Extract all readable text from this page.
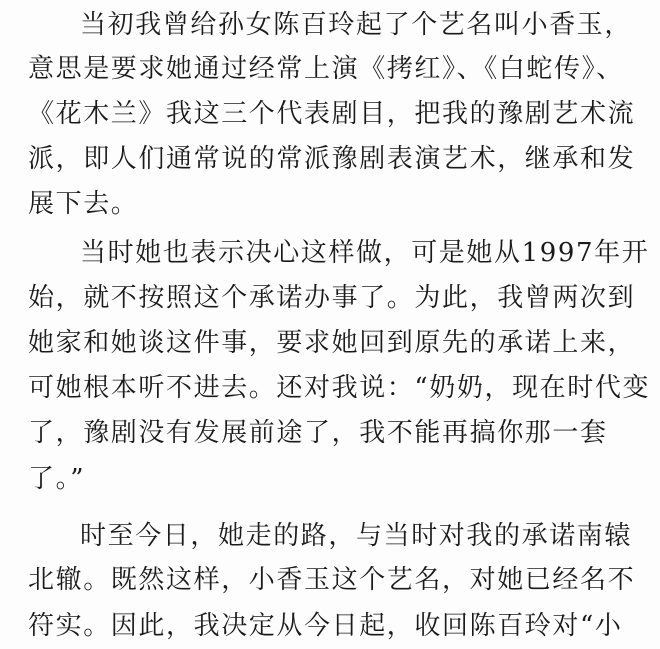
当初我曾给孙女陈百玲起了个艺名叫小香玉，
意思是要求她通过经常上演《拷红》、《白蛇传》、
《花木兰》我这三个代表剧目，把我的豫剧艺术流
派，即人们通常说的常派豫剧表演艺术，继承和发
展下去。
当时她也表示决心这样做，可是她从1997年开
始，就不按照这个承诺办事了。为此，我曾两次到
她家和她谈这件事，要求她回到原先的承诺上来，
可她根本听不进去。还对我说：“奶奶，现在时代变
了，豫剧没有发展前途了，我不能再搞你那一套
了。”
时至今日，她走的路，与当时对我的承诺南辕
北辙。既然这样，小香玉这个艺名，对她已经名不
符实。因此，我决定从今日起，收回陈百玲对“小
